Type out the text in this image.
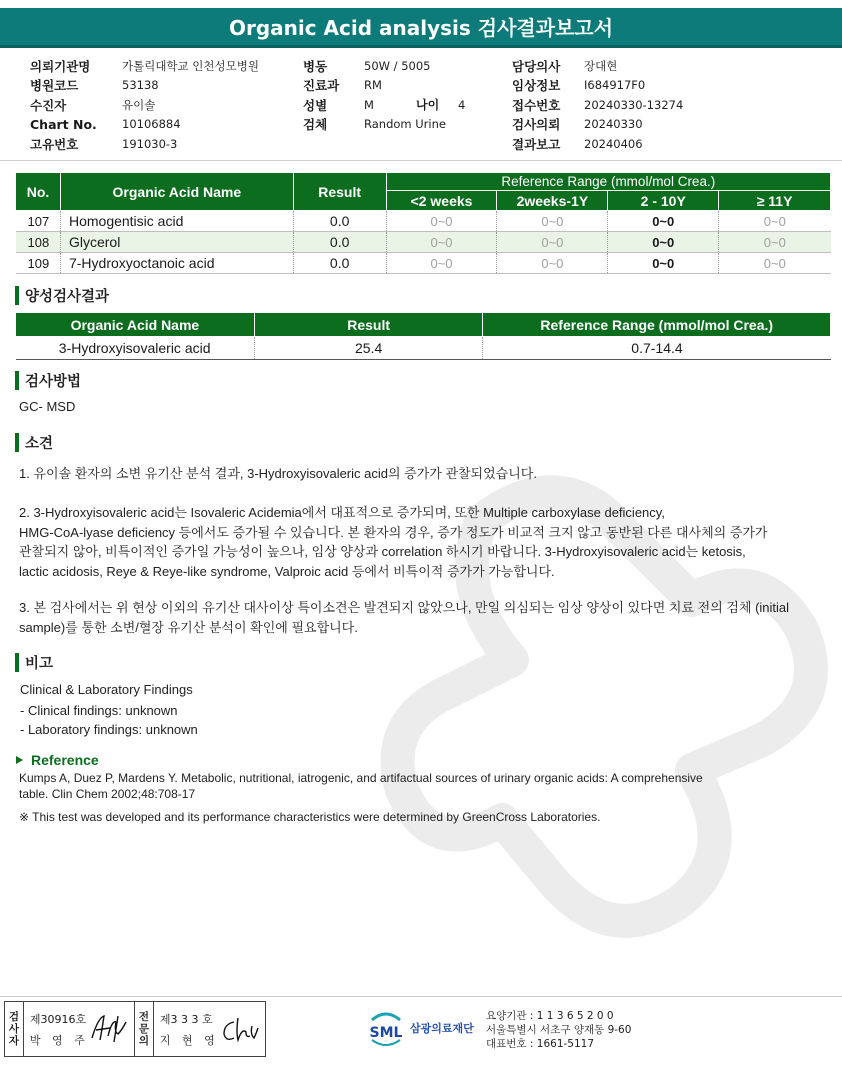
Organic Acid analysis 검사결과보고서
의뢰기관명	가톨릭대학교 인천성모병원
병원코드	53138
수진자	유이솔
Chart No.	10106884
고유번호	191030-3
병동	50W / 5005
진료과	RM
성별	M	나이	4
검체	Random Urine
담당의사	장대현
임상정보	I684917F0
접수번호	20240330-13274
검사의뢰	20240330
결과보고	20240406
No.	Organic Acid Name	Result	Reference Range (mmol/mol Crea.)			
			<2 weeks	2weeks-1Y	2 - 10Y	≥ 11Y
107	Homogentisic acid	0.0	0~0	0~0	0~0	0~0
108	Glycerol	0.0	0~0	0~0	0~0	0~0
109	7-Hydroxyoctanoic acid	0.0	0~0	0~0	0~0	0~0
양성검사결과
Organic Acid Name	Result	Reference Range (mmol/mol Crea.)
3-Hydroxyisovaleric acid	25.4	0.7-14.4
검사방법
GC- MSD
소견
1. 유이솔 환자의 소변 유기산 분석 결과, 3-Hydroxyisovaleric acid의 증가가 관찰되었습니다.
2. 3-Hydroxyisovaleric acid는 Isovaleric Acidemia에서 대표적으로 증가되며, 또한 Multiple carboxylase deficiency,
HMG-CoA-lyase deficiency 등에서도 증가될 수 있습니다. 본 환자의 경우, 증가 정도가 비교적 크지 않고 동반된 다른 대사체의 증가가
관찰되지 않아, 비특이적인 증가일 가능성이 높으나, 임상 양상과 correlation 하시기 바랍니다. 3-Hydroxyisovaleric acid는 ketosis,
lactic acidosis, Reye & Reye-like syndrome, Valproic acid 등에서 비특이적 증가가 가능합니다.
3. 본 검사에서는 위 현상 이외의 유기산 대사이상 특이소견은 발견되지 않았으나, 만일 의심되는 임상 양상이 있다면 치료 전의 검체 (initial
sample)를 통한 소변/혈장 유기산 분석이 확인에 필요합니다.
비고
Clinical & Laboratory Findings
- Clinical findings: unknown
- Laboratory findings: unknown
Reference
Kumps A, Duez P, Mardens Y. Metabolic, nutritional, iatrogenic, and artifactual sources of urinary organic acids: A comprehensive
table. Clin Chem 2002;48:708-17
※ This test was developed and its performance characteristics were determined by GreenCross Laboratories.
검
사
자
제30916호
박 영 주
전
문
의
제3 3 3 호
지 현 영	SML 삼광의료재단
요양기관 : 1 1 3 6 5 2 0 0
서울특별시 서초구 양재동 9-60
대표번호 : 1661-5117
